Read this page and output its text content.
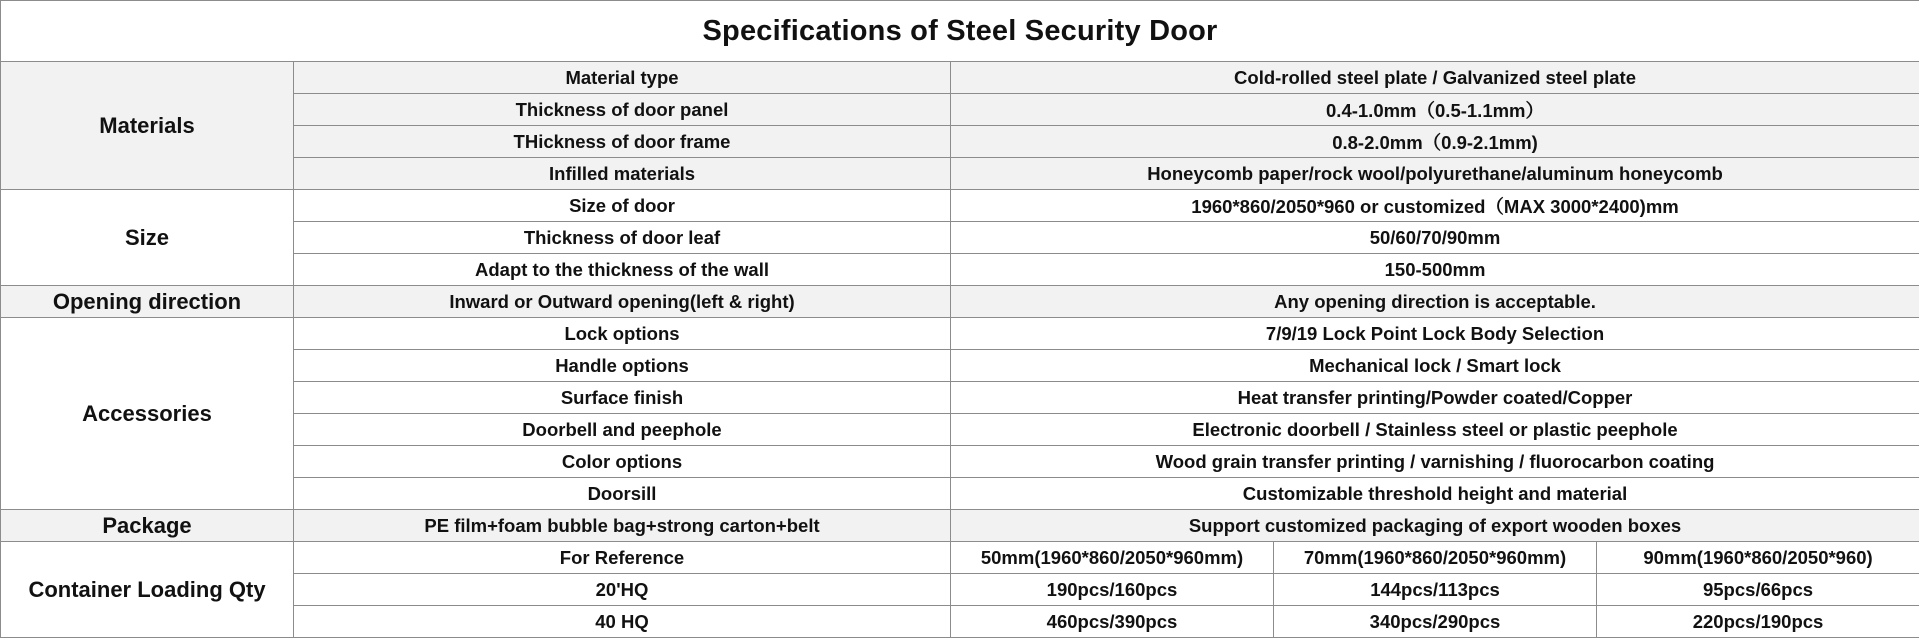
Specifications of Steel Security Door				
Materials	Material type	Cold-rolled steel plate / Galvanized steel plate		
	Thickness of door panel	0.4-1.0mm（0.5-1.1mm）		
	THickness of door frame	0.8-2.0mm（0.9-2.1mm)		
	Infilled materials	Honeycomb paper/rock wool/polyurethane/aluminum honeycomb		
Size	Size of door	1960*860/2050*960 or customized（MAX 3000*2400)mm		
	Thickness of door leaf	50/60/70/90mm		
	Adapt to the thickness of the wall	150-500mm		
Opening direction	Inward or Outward opening(left & right)	Any opening direction is acceptable.		
Accessories	Lock options	7/9/19 Lock Point Lock Body Selection		
	Handle options	Mechanical lock / Smart lock		
	Surface finish	Heat transfer printing/Powder coated/Copper		
	Doorbell and peephole	Electronic doorbell / Stainless steel or plastic peephole		
	Color options	Wood grain transfer printing / varnishing / fluorocarbon coating		
	Doorsill	Customizable threshold height and material		
Package	PE film+foam bubble bag+strong carton+belt	Support customized packaging of export wooden boxes		
Container Loading Qty	For Reference	50mm(1960*860/2050*960mm)	70mm(1960*860/2050*960mm)	90mm(1960*860/2050*960)
	20'HQ	190pcs/160pcs	144pcs/113pcs	95pcs/66pcs
	40 HQ	460pcs/390pcs	340pcs/290pcs	220pcs/190pcs
